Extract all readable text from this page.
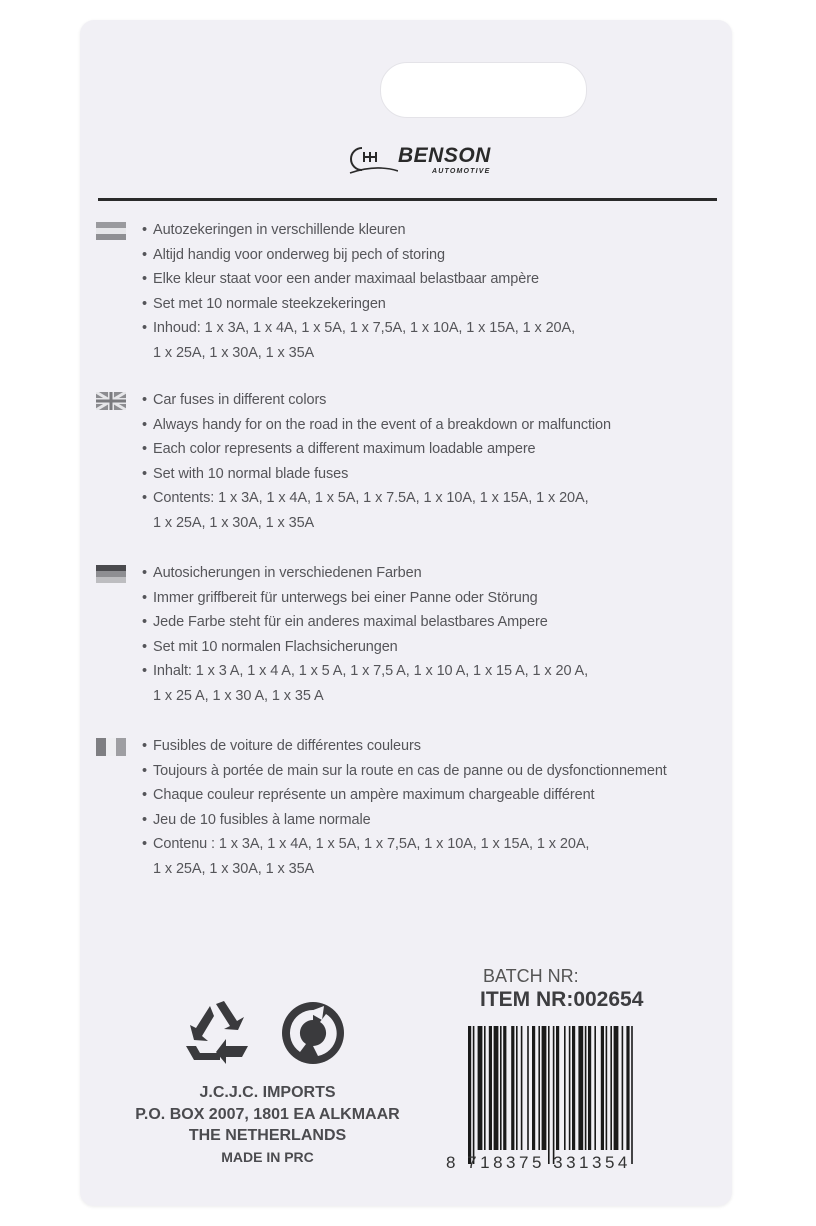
BENSON
AUTOMOTIVE
• Autozekeringen in verschillende kleuren
• Altijd handig voor onderweg bij pech of storing
• Elke kleur staat voor een ander maximaal belastbaar ampère
• Set met 10 normale steekzekeringen
• Inhoud: 1 x 3A, 1 x 4A, 1 x 5A, 1 x 7,5A, 1 x 10A, 1 x 15A, 1 x 20A,
1 x 25A, 1 x 30A, 1 x 35A
• Car fuses in different colors
• Always handy for on the road in the event of a breakdown or malfunction
• Each color represents a different maximum loadable ampere
• Set with 10 normal blade fuses
• Contents: 1 x 3A, 1 x 4A, 1 x 5A, 1 x 7.5A, 1 x 10A, 1 x 15A, 1 x 20A,
1 x 25A, 1 x 30A, 1 x 35A
• Autosicherungen in verschiedenen Farben
• Immer griffbereit für unterwegs bei einer Panne oder Störung
• Jede Farbe steht für ein anderes maximal belastbares Ampere
• Set mit 10 normalen Flachsicherungen
• Inhalt: 1 x 3 A, 1 x 4 A, 1 x 5 A, 1 x 7,5 A, 1 x 10 A, 1 x 15 A, 1 x 20 A,
1 x 25 A, 1 x 30 A, 1 x 35 A
• Fusibles de voiture de différentes couleurs
• Toujours à portée de main sur la route en cas de panne ou de dysfonctionnement
• Chaque couleur représente un ampère maximum chargeable différent
• Jeu de 10 fusibles à lame normale
• Contenu : 1 x 3A, 1 x 4A, 1 x 5A, 1 x 7,5A, 1 x 10A, 1 x 15A, 1 x 20A,
1 x 25A, 1 x 30A, 1 x 35A
J.C.J.C. IMPORTS
P.O. BOX 2007, 1801 EA ALKMAAR
THE NETHERLANDS
MADE IN PRC
BATCH NR:
ITEM NR:002654
8 718375 331354
